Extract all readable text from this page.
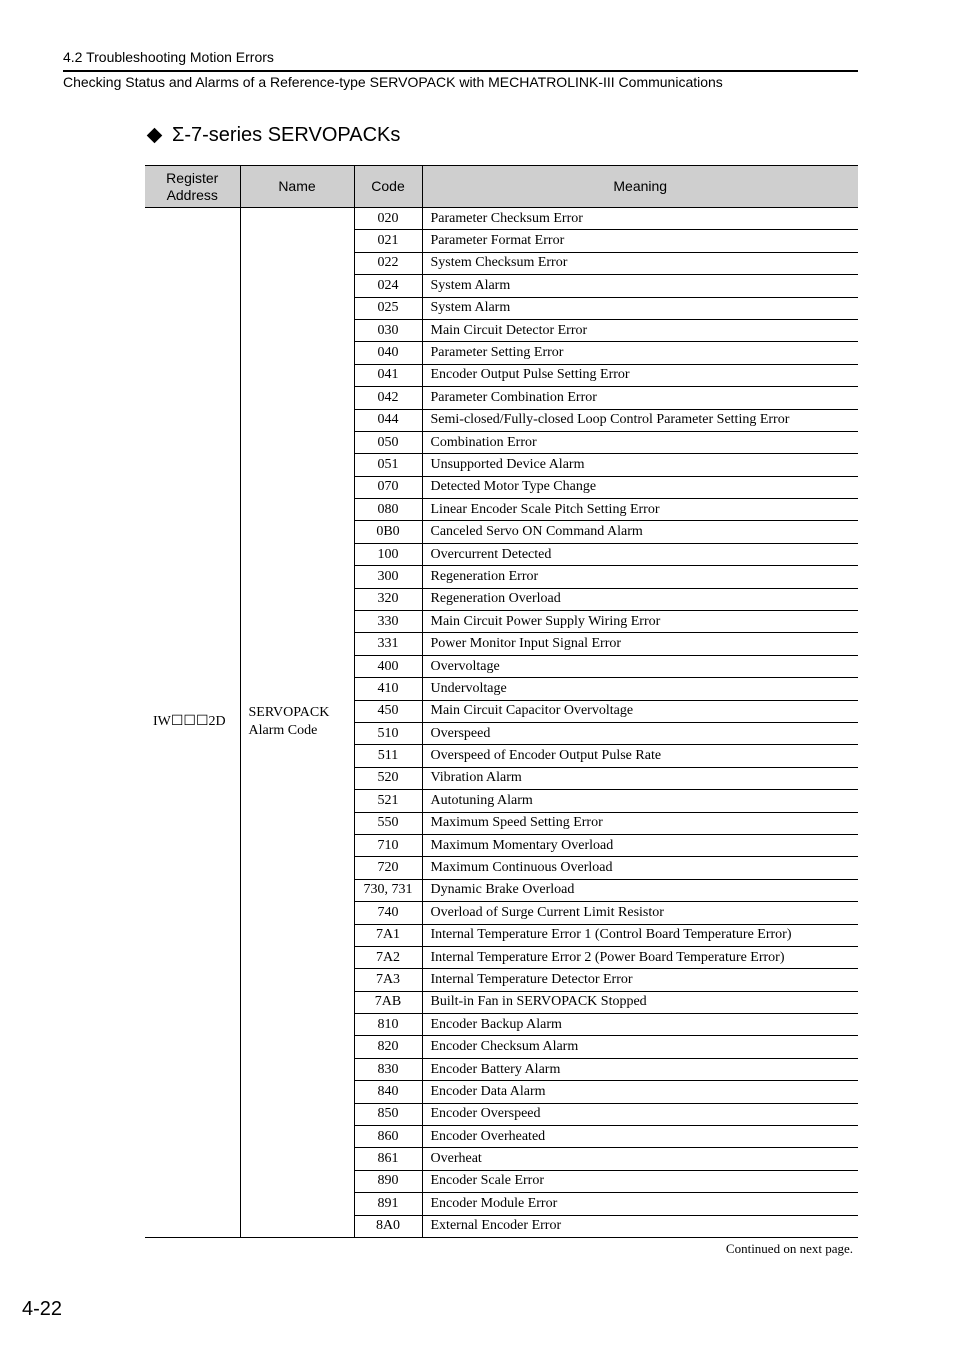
4.2 Troubleshooting Motion Errors
Checking Status and Alarms of a Reference-type SERVOPACK with MECHATROLINK-III Communications
Σ-7-series SERVOPACKs
Register
Address	Name	Code	Meaning
IW☐☐☐2D	SERVOPACK Alarm Code	020	Parameter Checksum Error
		021	Parameter Format Error
		022	System Checksum Error
		024	System Alarm
		025	System Alarm
		030	Main Circuit Detector Error
		040	Parameter Setting Error
		041	Encoder Output Pulse Setting Error
		042	Parameter Combination Error
		044	Semi-closed/Fully-closed Loop Control Parameter Setting Error
		050	Combination Error
		051	Unsupported Device Alarm
		070	Detected Motor Type Change
		080	Linear Encoder Scale Pitch Setting Error
		0B0	Canceled Servo ON Command Alarm
		100	Overcurrent Detected
		300	Regeneration Error
		320	Regeneration Overload
		330	Main Circuit Power Supply Wiring Error
		331	Power Monitor Input Signal Error
		400	Overvoltage
		410	Undervoltage
		450	Main Circuit Capacitor Overvoltage
		510	Overspeed
		511	Overspeed of Encoder Output Pulse Rate
		520	Vibration Alarm
		521	Autotuning Alarm
		550	Maximum Speed Setting Error
		710	Maximum Momentary Overload
		720	Maximum Continuous Overload
		730, 731	Dynamic Brake Overload
		740	Overload of Surge Current Limit Resistor
		7A1	Internal Temperature Error 1 (Control Board Temperature Error)
		7A2	Internal Temperature Error 2 (Power Board Temperature Error)
		7A3	Internal Temperature Detector Error
		7AB	Built-in Fan in SERVOPACK Stopped
		810	Encoder Backup Alarm
		820	Encoder Checksum Alarm
		830	Encoder Battery Alarm
		840	Encoder Data Alarm
		850	Encoder Overspeed
		860	Encoder Overheated
		861	Overheat
		890	Encoder Scale Error
		891	Encoder Module Error
		8A0	External Encoder Error
Continued on next page.
4-22
